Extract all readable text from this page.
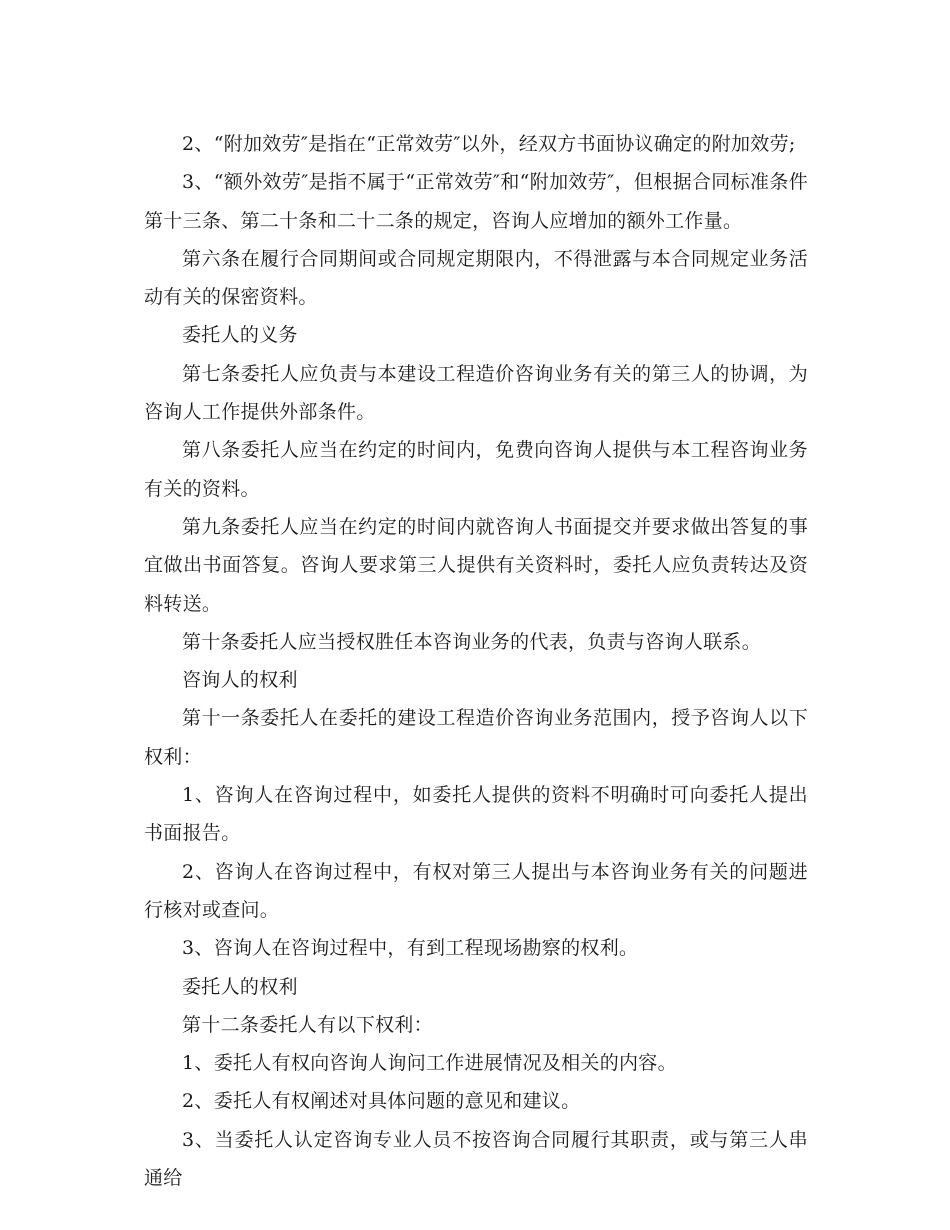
2、“附加效劳″是指在“正常效劳″以外，经双方书面协议确定的附加效劳;

3、“额外效劳″是指不属于“正常效劳″和“附加效劳″，但根据合同标准条件第十三条、第二十条和二十二条的规定，咨询人应增加的额外工作量。

第六条在履行合同期间或合同规定期限内，不得泄露与本合同规定业务活动有关的保密资料。

委托人的义务

第七条委托人应负责与本建设工程造价咨询业务有关的第三人的协调，为咨询人工作提供外部条件。

第八条委托人应当在约定的时间内，免费向咨询人提供与本工程咨询业务有关的资料。

第九条委托人应当在约定的时间内就咨询人书面提交并要求做出答复的事宜做出书面答复。咨询人要求第三人提供有关资料时，委托人应负责转达及资料转送。

第十条委托人应当授权胜任本咨询业务的代表，负责与咨询人联系。

咨询人的权利

第十一条委托人在委托的建设工程造价咨询业务范围内，授予咨询人以下权利：

1、咨询人在咨询过程中，如委托人提供的资料不明确时可向委托人提出书面报告。

2、咨询人在咨询过程中，有权对第三人提出与本咨询业务有关的问题进行核对或查问。

3、咨询人在咨询过程中，有到工程现场勘察的权利。

委托人的权利

第十二条委托人有以下权利：

1、委托人有权向咨询人询问工作进展情况及相关的内容。

2、委托人有权阐述对具体问题的意见和建议。

3、当委托人认定咨询专业人员不按咨询合同履行其职责，或与第三人串通给
